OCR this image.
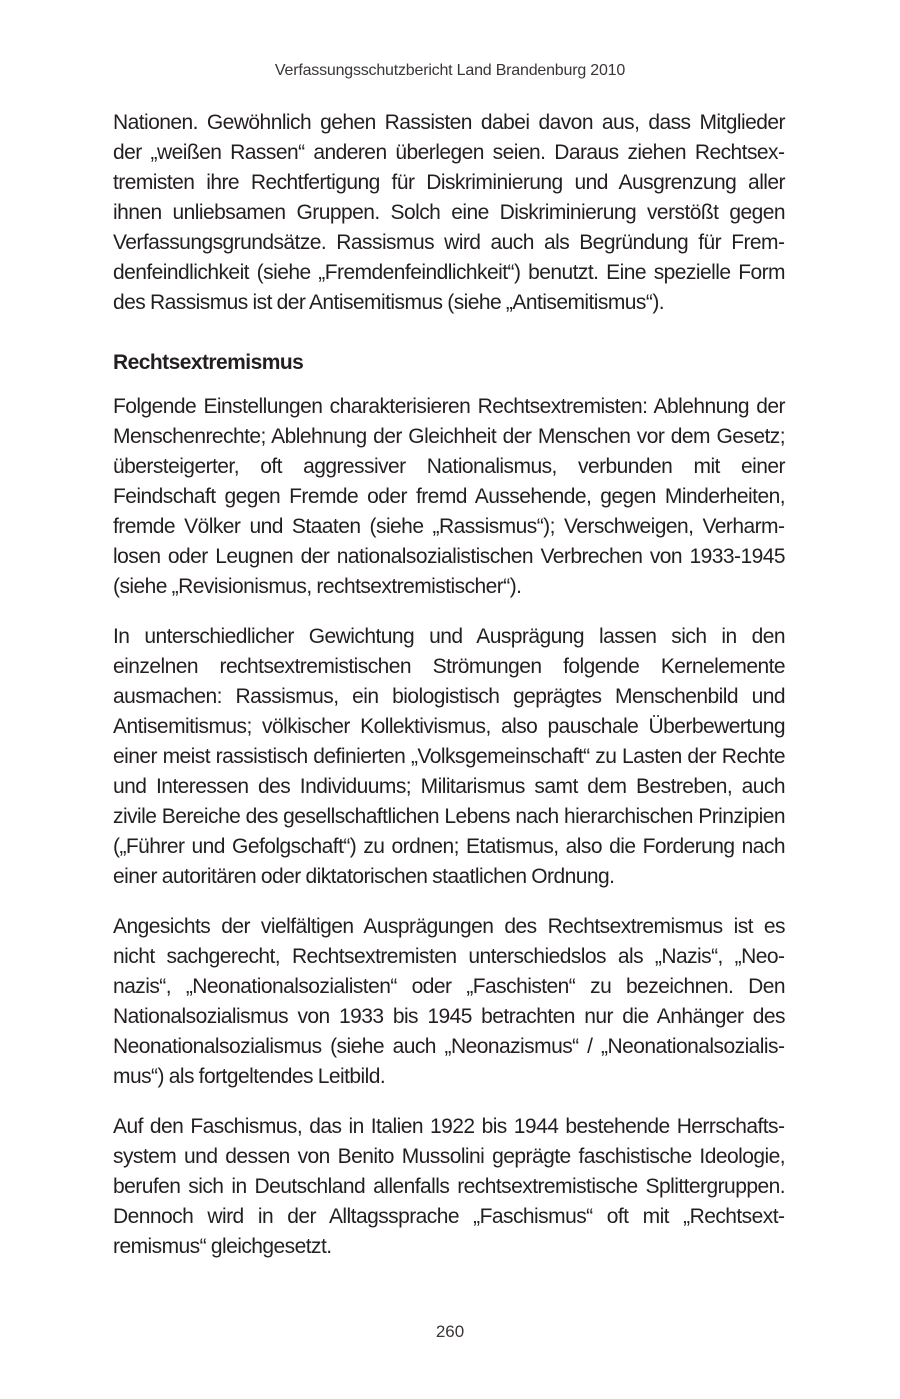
Verfassungsschutzbericht Land Brandenburg 2010

Nationen. Gewöhnlich gehen Rassisten dabei davon aus, dass Mitglieder der „weißen Rassen“ anderen überlegen seien. Daraus ziehen Rechtsextremisten ihre Rechtfertigung für Diskriminierung und Ausgrenzung aller ihnen unliebsamen Gruppen. Solch eine Diskriminierung verstößt gegen Verfassungsgrundsätze. Rassismus wird auch als Begründung für Fremdenfeindlichkeit (siehe „Fremdenfeindlichkeit“) benutzt. Eine spezielle Form des Rassismus ist der Antisemitismus (siehe „Antisemitismus“).

Rechtsextremismus

Folgende Einstellungen charakterisieren Rechtsextremisten: Ablehnung der Menschenrechte; Ablehnung der Gleichheit der Menschen vor dem Gesetz; übersteigerter, oft aggressiver Nationalismus, verbunden mit einer Feindschaft gegen Fremde oder fremd Aussehende, gegen Minderheiten, fremde Völker und Staaten (siehe „Rassismus“); Verschweigen, Verharmlosen oder Leugnen der nationalsozialistischen Verbrechen von 1933-1945 (siehe „Revisionismus, rechtsextremistischer“).

In unterschiedlicher Gewichtung und Ausprägung lassen sich in den einzelnen rechtsextremistischen Strömungen folgende Kernelemente ausmachen: Rassismus, ein biologistisch geprägtes Menschenbild und Antisemitismus; völkischer Kollektivismus, also pauschale Überbewertung einer meist rassistisch definierten „Volksgemeinschaft“ zu Lasten der Rechte und Interessen des Individuums; Militarismus samt dem Bestreben, auch zivile Bereiche des gesellschaftlichen Lebens nach hierarchischen Prinzipien („Führer und Gefolgschaft“) zu ordnen; Etatismus, also die Forderung nach einer autoritären oder diktatorischen staatlichen Ordnung.

Angesichts der vielfältigen Ausprägungen des Rechtsextremismus ist es nicht sachgerecht, Rechtsextremisten unterschiedslos als „Nazis“, „Neonazis“, „Neonationalsozialisten“ oder „Faschisten“ zu bezeichnen. Den Nationalsozialismus von 1933 bis 1945 betrachten nur die Anhänger des Neonationalsozialismus (siehe auch „Neonazismus“ / „Neonationalsozialismus“) als fortgeltendes Leitbild.

Auf den Faschismus, das in Italien 1922 bis 1944 bestehende Herrschaftssystem und dessen von Benito Mussolini geprägte faschistische Ideologie, berufen sich in Deutschland allenfalls rechtsextremistische Splittergruppen. Dennoch wird in der Alltagssprache „Faschismus“ oft mit „Rechtsextremismus“ gleichgesetzt.

260
